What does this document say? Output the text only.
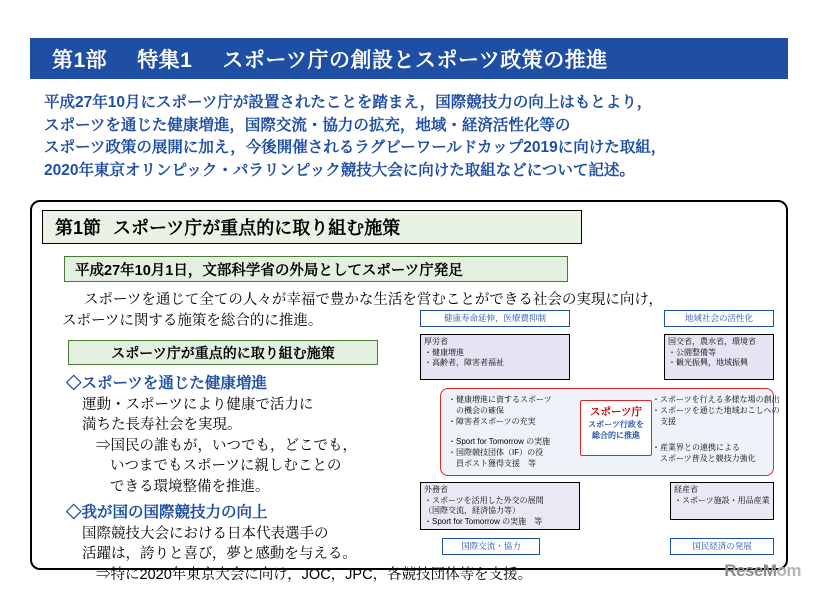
第1部 特集1 スポーツ庁の創設とスポーツ政策の推進
平成27年10月にスポーツ庁が設置されたことを踏まえ，国際競技力の向上はもとより，
スポーツを通じた健康増進，国際交流・協力の拡充，地域・経済活性化等の
スポーツ政策の展開に加え，今後開催されるラグビーワールドカップ2019に向けた取組，
2020年東京オリンピック・パラリンピック競技大会に向けた取組などについて記述。
第1節 スポーツ庁が重点的に取り組む施策
平成27年10月1日，文部科学省の外局としてスポーツ庁発足
スポーツを通じて全ての人々が幸福で豊かな生活を営むことができる社会の実現に向け，
スポーツに関する施策を総合的に推進。
スポーツ庁が重点的に取り組む施策
◇スポーツを通じた健康増進
運動・スポーツにより健康で活力に
満ちた長寿社会を実現。
⇒国民の誰もが，いつでも，どこでも，
いつまでもスポーツに親しむことの
できる環境整備を推進。
◇我が国の国際競技力の向上
国際競技大会における日本代表選手の
活躍は，誇りと喜び，夢と感動を与える。
⇒特に2020年東京大会に向け，JOC，JPC，各競技団体等を支援。
健康寿命延伸，医療費抑制	地域社会の活性化
厚労省
・健康増進
・高齢者，障害者福祉
国交省，農水省，環境省
・公園整備等
・観光振興，地域振興
外務省
・スポーツを活用した外交の展開
（国際交流，経済協力等）
・Sport for Tomorrow の実施　等
経産省
・スポーツ施設・用品産業
国際交流・協力	国民経済の発展
・健康増進に資するスポーツ
　の機会の確保
・障害者スポーツの充実
・Sport for Tomorrow の実施
・国際競技団体（IF）の役
　員ポスト獲得支援　等
・スポーツを行える多様な場の創出
・スポーツを通じた地域おこしへの
　支援
・産業界との連携による
　スポーツ普及と競技力強化
スポーツ庁
スポーツ行政を
総合的に推進
ReseMom
